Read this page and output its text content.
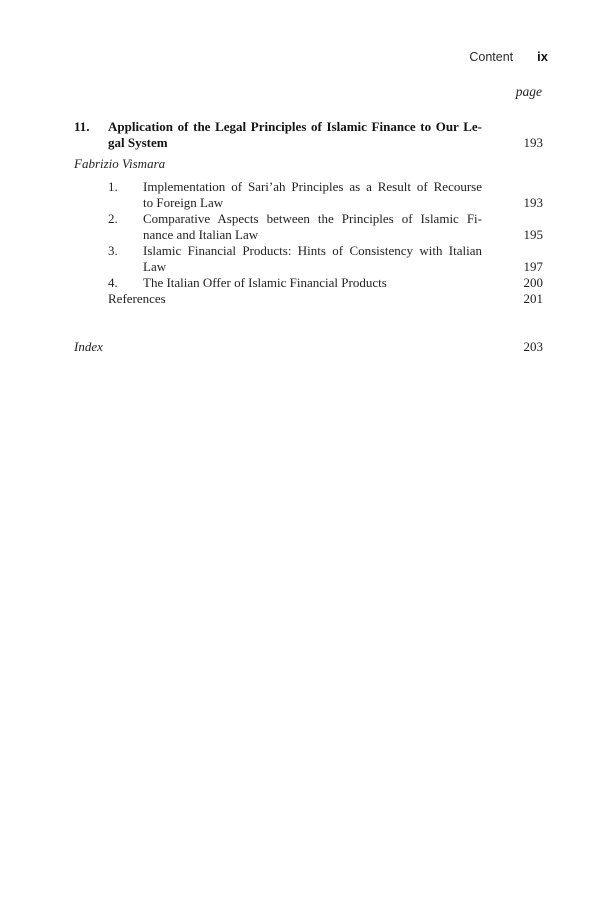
Content ix
page
11.	Application of the Legal Principles of Islamic Finance to Our Le-
gal System	193
Fabrizio Vismara
1.	Implementation of Sari’ah Principles as a Result of Recourse
to Foreign Law	193
2.	Comparative Aspects between the Principles of Islamic Fi-
nance and Italian Law	195
3.	Islamic Financial Products: Hints of Consistency with Italian
Law	197
4.	The Italian Offer of Islamic Financial Products	200
References	201
Index	203
